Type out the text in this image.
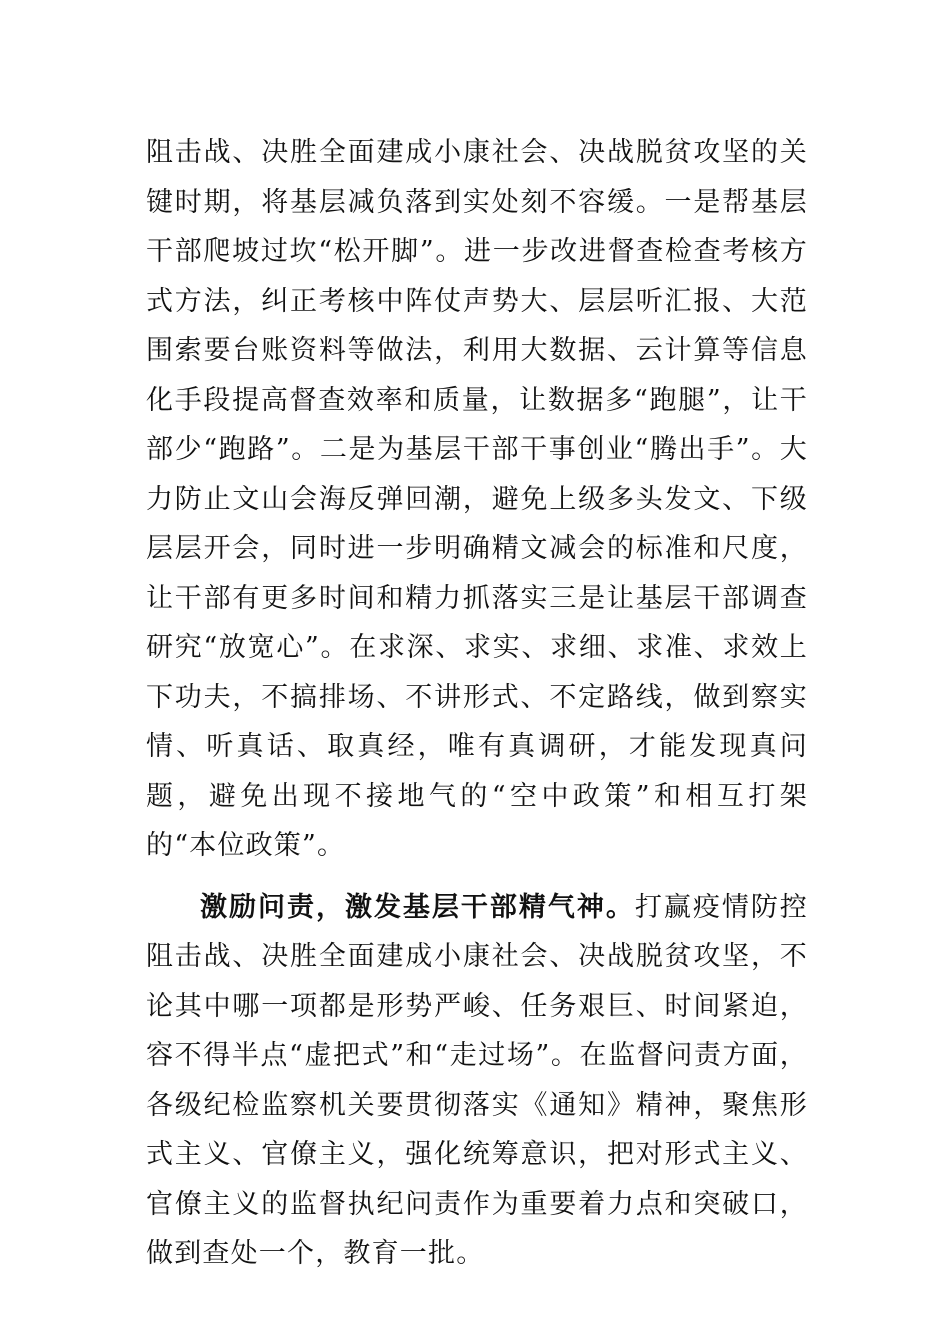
阻击战、决胜全面建成小康社会、决战脱贫攻坚的关键时期，将基层减负落到实处刻不容缓。一是帮基层干部爬坡过坎“松开脚”。进一步改进督查检查考核方式方法，纠正考核中阵仗声势大、层层听汇报、大范围索要台账资料等做法，利用大数据、云计算等信息化手段提高督查效率和质量，让数据多“跑腿”，让干部少“跑路”。二是为基层干部干事创业“腾出手”。大力防止文山会海反弹回潮，避免上级多头发文、下级层层开会，同时进一步明确精文减会的标准和尺度，让干部有更多时间和精力抓落实三是让基层干部调查研究“放宽心”。在求深、求实、求细、求准、求效上下功夫，不搞排场、不讲形式、不定路线，做到察实情、听真话、取真经，唯有真调研，才能发现真问题，避免出现不接地气的“空中政策”和相互打架的“本位政策”。

激励问责，激发基层干部精气神。打赢疫情防控阻击战、决胜全面建成小康社会、决战脱贫攻坚，不论其中哪一项都是形势严峻、任务艰巨、时间紧迫，容不得半点“虚把式”和“走过场”。在监督问责方面，各级纪检监察机关要贯彻落实《通知》精神，聚焦形式主义、官僚主义，强化统筹意识，把对形式主义、官僚主义的监督执纪问责作为重要着力点和突破口，做到查处一个，教育一批。
